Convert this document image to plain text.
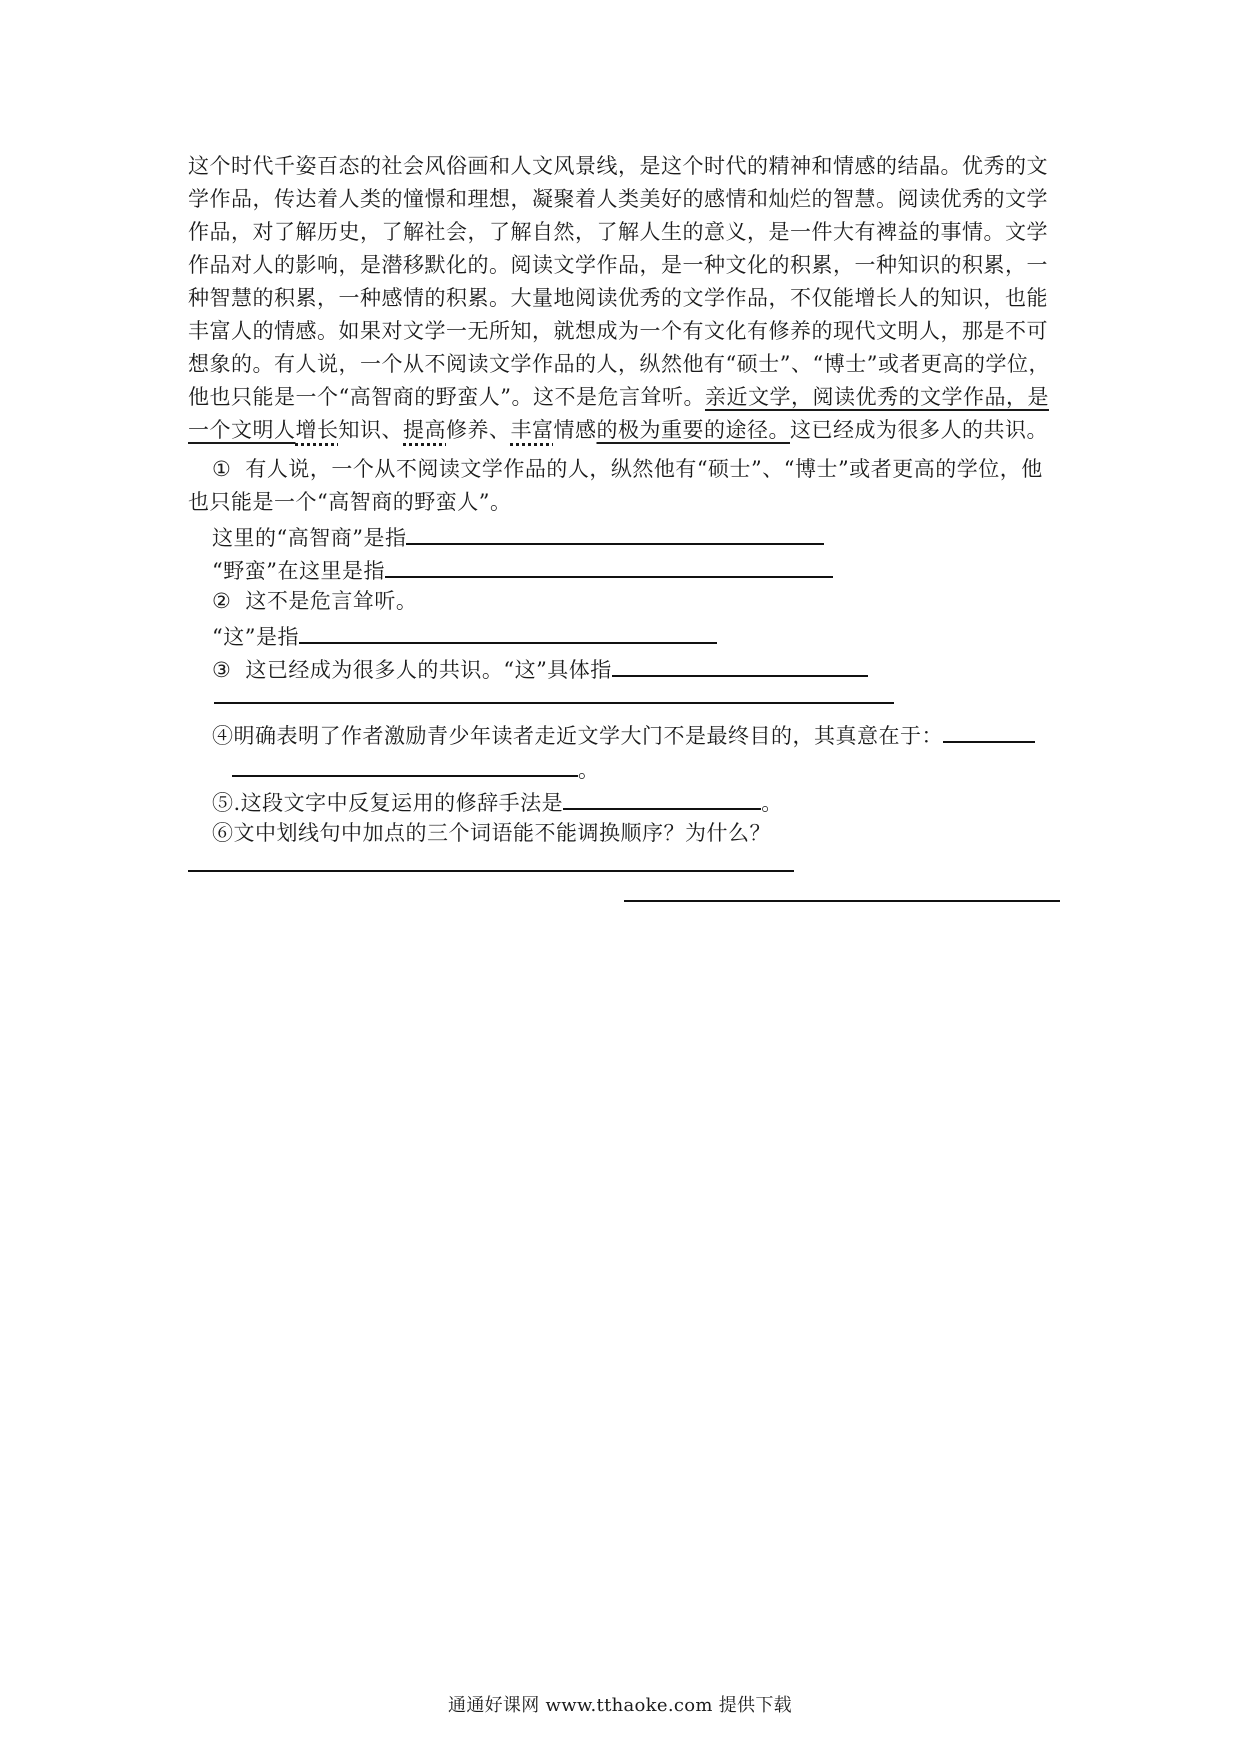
这个时代千姿百态的社会风俗画和人文风景线，是这个时代的精神和情感的结晶。优秀的文学作品，传达着人类的憧憬和理想，凝聚着人类美好的感情和灿烂的智慧。阅读优秀的文学作品，对了解历史，了解社会，了解自然，了解人生的意义，是一件大有裨益的事情。文学作品对人的影响，是潜移默化的。阅读文学作品，是一种文化的积累，一种知识的积累，一种智慧的积累，一种感情的积累。大量地阅读优秀的文学作品，不仅能增长人的知识，也能丰富人的情感。如果对文学一无所知，就想成为一个有文化有修养的现代文明人，那是不可想象的。有人说，一个从不阅读文学作品的人，纵然他有“硕士”、“博士”或者更高的学位，他也只能是一个“高智商的野蛮人”。这不是危言耸听。亲近文学，阅读优秀的文学作品，是一个文明人增长知识、提高修养、丰富情感的极为重要的途径。这已经成为很多人的共识。
① 有人说，一个从不阅读文学作品的人，纵然他有“硕士”、“博士”或者更高的学位，他也只能是一个“高智商的野蛮人”。
这里的“高智商”是指
“野蛮”在这里是指
② 这不是危言耸听。
“这”是指
③ 这已经成为很多人的共识。“这”具体指
④明确表明了作者激励青少年读者走近文学大门不是最终目的，其真意在于：
。
⑤.这段文字中反复运用的修辞手法是	。
⑥文中划线句中加点的三个词语能不能调换顺序？为什么？
通通好课网 www.tthaoke.com 提供下载
